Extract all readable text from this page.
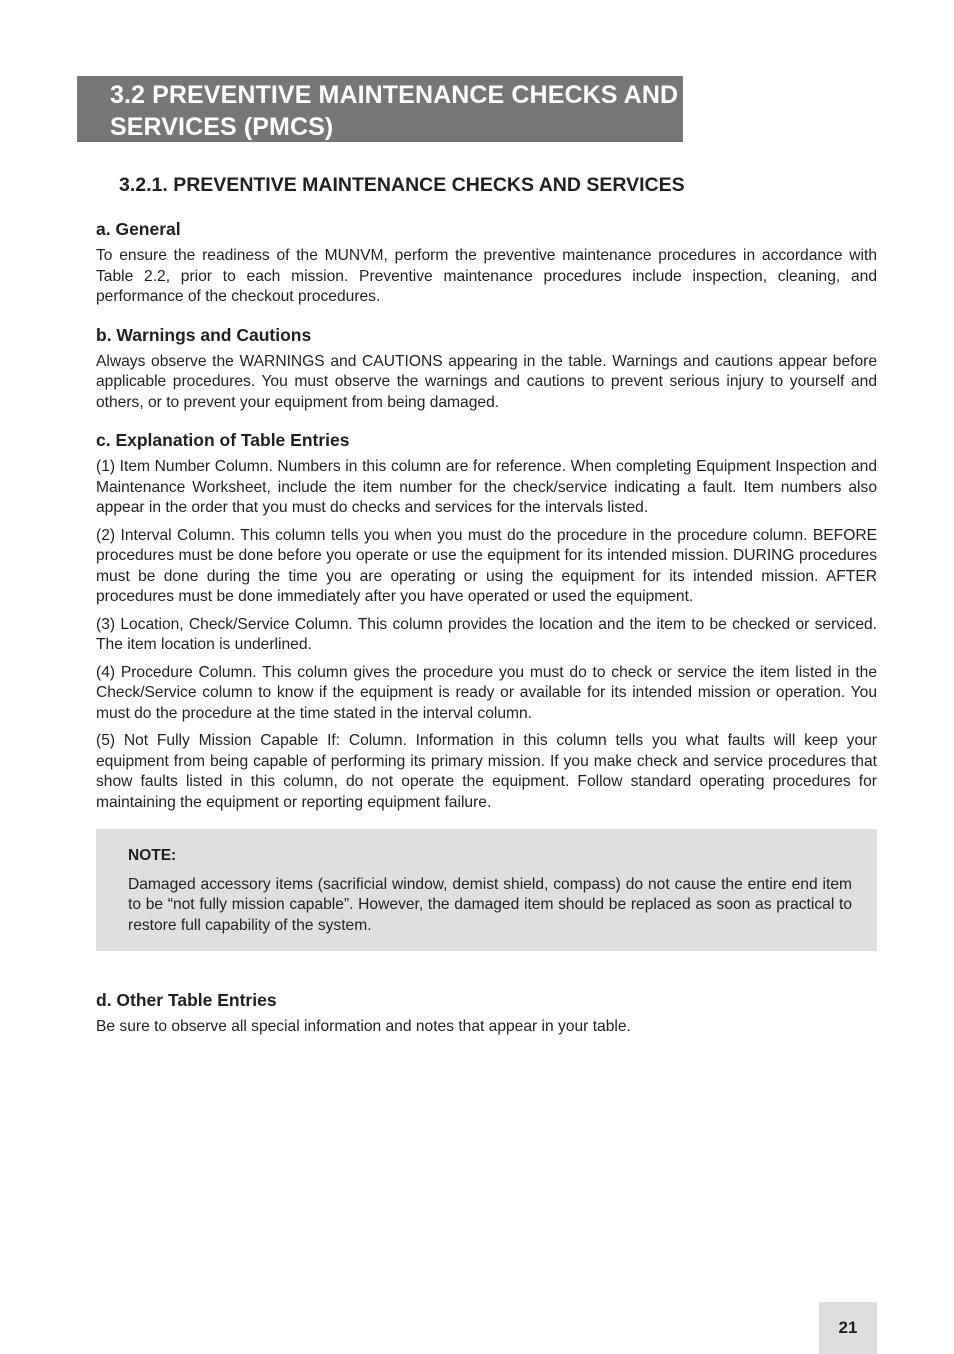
3.2 PREVENTIVE MAINTENANCE CHECKS AND SERVICES (PMCS)
3.2.1. PREVENTIVE MAINTENANCE CHECKS AND SERVICES
a. General

To ensure the readiness of the MUNVM, perform the preventive maintenance procedures in accordance with Table 2.2, prior to each mission. Preventive maintenance procedures include inspection, cleaning, and performance of the checkout procedures.

b. Warnings and Cautions

Always observe the WARNINGS and CAUTIONS appearing in the table. Warnings and cautions appear before applicable procedures. You must observe the warnings and cautions to prevent serious injury to yourself and others, or to prevent your equipment from being damaged.

c. Explanation of Table Entries

(1) Item Number Column. Numbers in this column are for reference. When completing Equipment Inspection and Maintenance Worksheet, include the item number for the check/service indicating a fault. Item numbers also appear in the order that you must do checks and services for the intervals listed.

(2) Interval Column. This column tells you when you must do the procedure in the procedure column. BEFORE procedures must be done before you operate or use the equipment for its intended mission. DURING procedures must be done during the time you are operating or using the equipment for its intended mission. AFTER procedures must be done immediately after you have operated or used the equipment.

(3) Location, Check/Service Column. This column provides the location and the item to be checked or serviced. The item location is underlined.

(4) Procedure Column. This column gives the procedure you must do to check or service the item listed in the Check/Service column to know if the equipment is ready or available for its intended mission or operation. You must do the procedure at the time stated in the interval column.

(5) Not Fully Mission Capable If: Column. Information in this column tells you what faults will keep your equipment from being capable of performing its primary mission. If you make check and service procedures that show faults listed in this column, do not operate the equipment. Follow standard operating procedures for maintaining the equipment or reporting equipment failure.

NOTE:

Damaged accessory items (sacrificial window, demist shield, compass) do not cause the entire end item to be “not fully mission capable”. However, the damaged item should be replaced as soon as practical to restore full capability of the system.

d. Other Table Entries

Be sure to observe all special information and notes that appear in your table.

21
